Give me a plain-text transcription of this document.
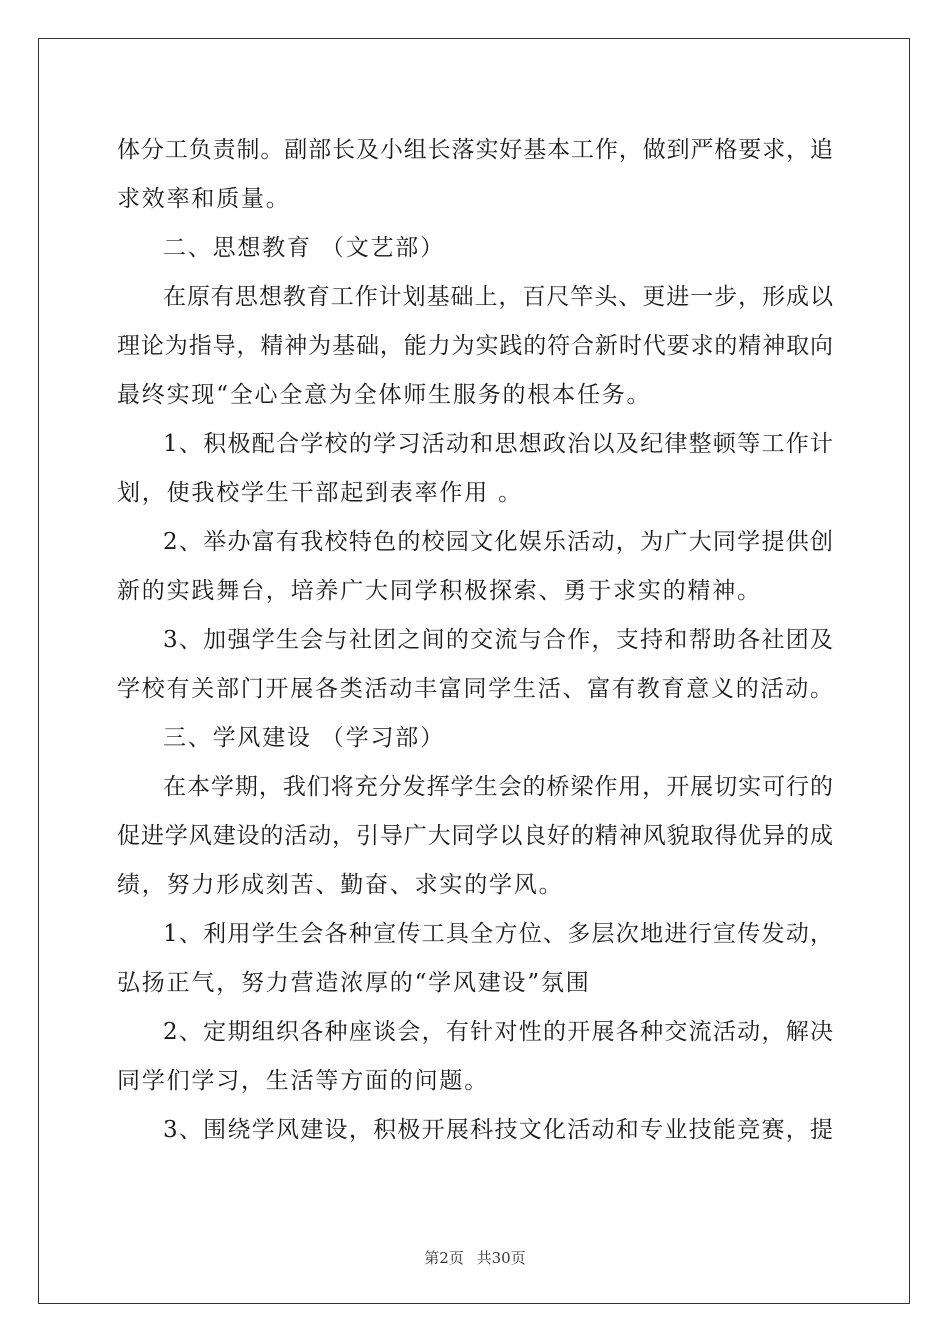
体分工负责制。副部长及小组长落实好基本工作，做到严格要求，追
求效率和质量。
二、思想教育 （文艺部）
在原有思想教育工作计划基础上，百尺竿头、更进一步，形成以
理论为指导，精神为基础，能力为实践的符合新时代要求的精神取向
最终实现“全心全意为全体师生服务的根本任务。
1、积极配合学校的学习活动和思想政治以及纪律整顿等工作计
划，使我校学生干部起到表率作用 。
2、举办富有我校特色的校园文化娱乐活动，为广大同学提供创
新的实践舞台，培养广大同学积极探索、勇于求实的精神。
3、加强学生会与社团之间的交流与合作，支持和帮助各社团及
学校有关部门开展各类活动丰富同学生活、富有教育意义的活动。
三、学风建设 （学习部）
在本学期，我们将充分发挥学生会的桥梁作用，开展切实可行的
促进学风建设的活动，引导广大同学以良好的精神风貌取得优异的成
绩，努力形成刻苦、勤奋、求实的学风。
1、利用学生会各种宣传工具全方位、多层次地进行宣传发动，
弘扬正气，努力营造浓厚的“学风建设”氛围
2、定期组织各种座谈会，有针对性的开展各种交流活动，解决
同学们学习，生活等方面的问题。
3、围绕学风建设，积极开展科技文化活动和专业技能竞赛，提
第2页 共30页
